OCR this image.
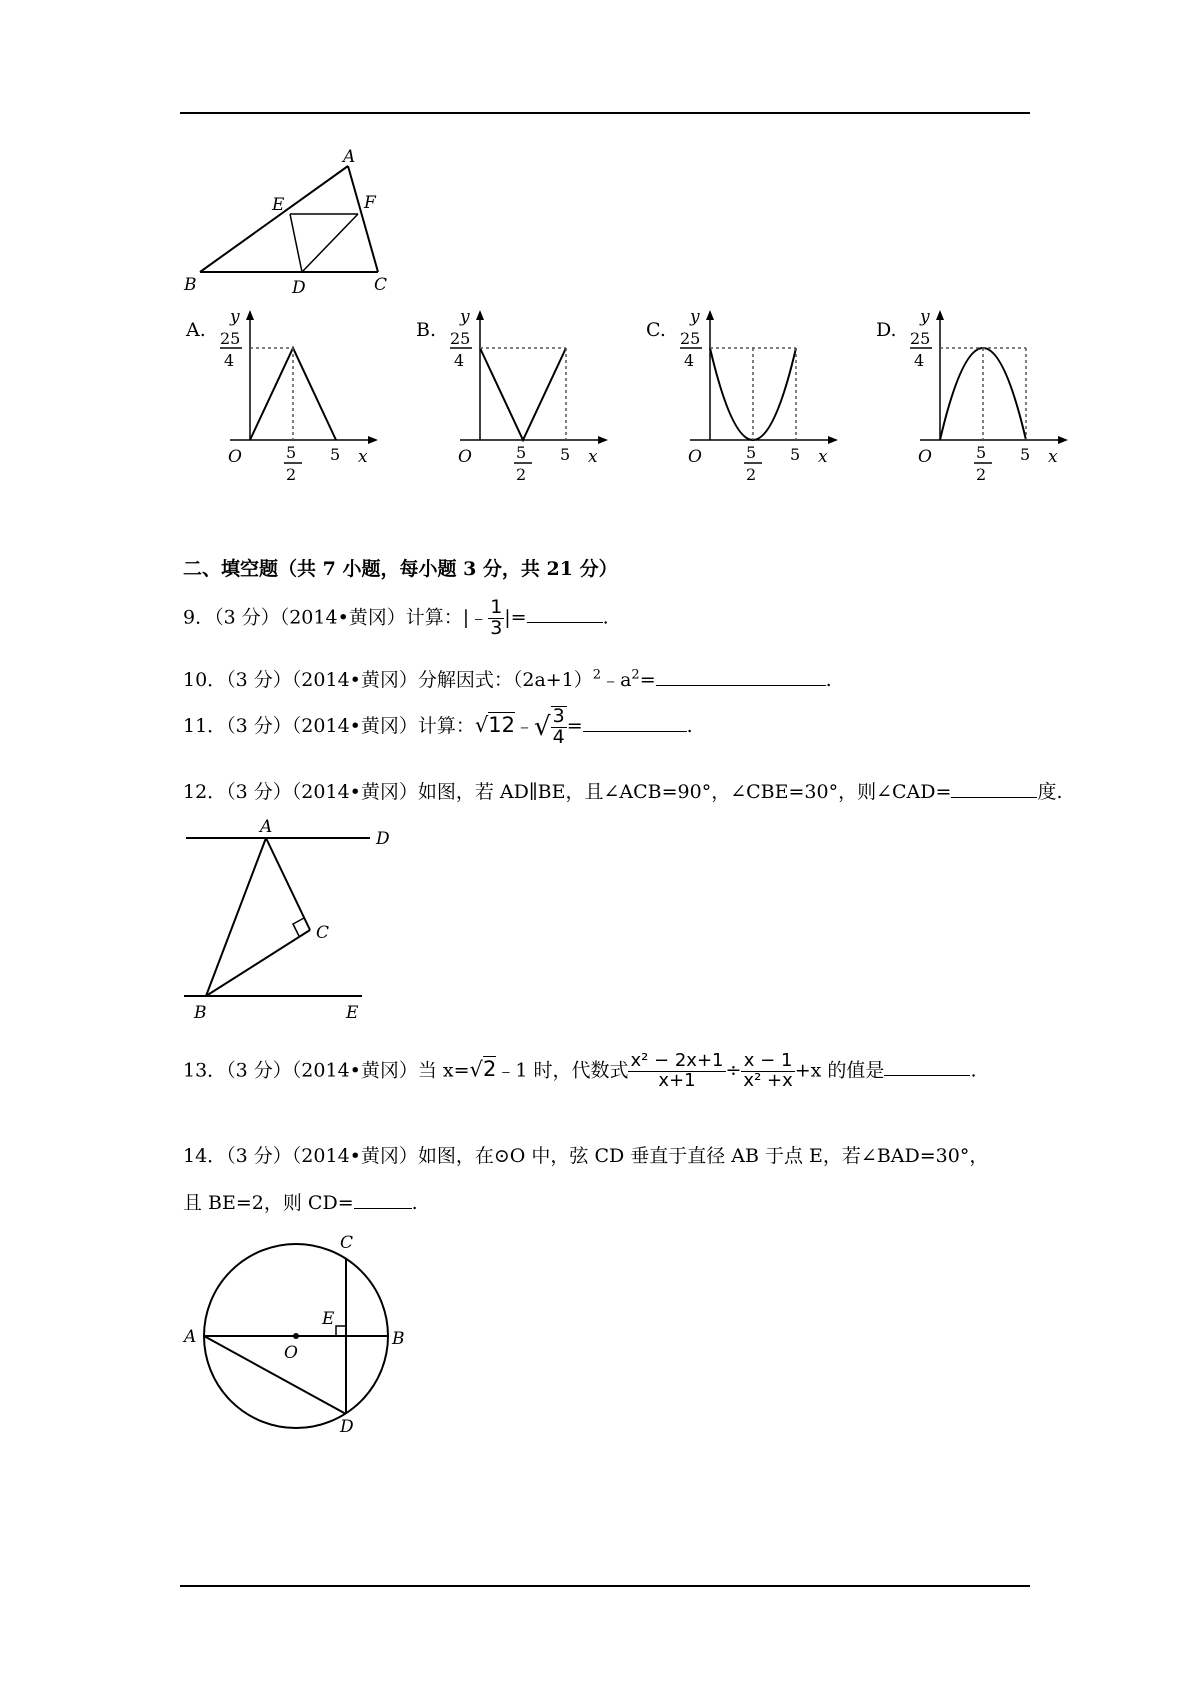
A
E	F
B	D	C
A.
y
25
4
O	5
2
5 x
B.
y
25
4
O	5
2
5 x
C.
y
25
4
O	5
2
5 x
D.
y
25
4
O	5
2
5 x
二、填空题（共 7 小题，每小题 3 分，共 21 分）
9．（3 分）（2014•黄冈）计算：|﹣ $\frac{1}{3}$ |=	.
10．（3 分）（2014•黄冈）分解因式：$(2a+1)^2﹣a^2=$	.
11．（3 分）（2014•黄冈）计算：√12﹣√ $\frac{3}{4}$ =	.
12．（3 分）（2014•黄冈）如图，若 AD∥BE，且∠ACB=90°，∠CBE=30°，则∠CAD=	度.
A
D
C
B	E
13．（3 分）（2014•黄冈）当 x=√2﹣1 时，代数式 $\frac{\text{x² − 2x+1}}{x+1} \div \frac{x - 1}{\text{x² +x}} +x$ 的值是	.
14．（3 分）（2014•黄冈）如图，在⊙O 中，弦 CD 垂直于直径 AB 于点 E，若∠BAD=30°，
且 BE=2，则 CD=	.
C
E
A
O
B
D
